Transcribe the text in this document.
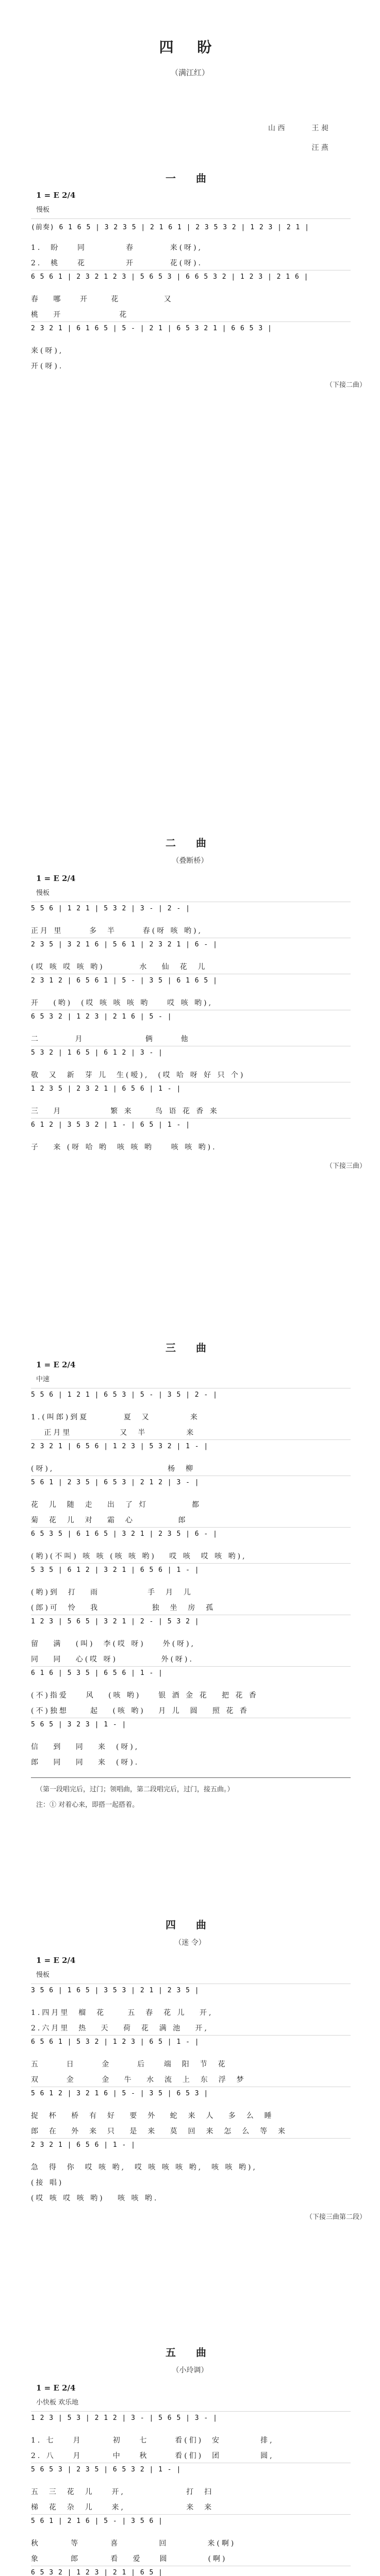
四 盼
（满江红）
山 西	王 昶
汪 燕
一 曲
1 = E 2/4
慢板
(前奏) 6 1 6 5 | 3 2 3 5 | 2 1 6 1 | 2 3 5 3 2 | 1 2 3 | 2 1 |
1.  盼    同         春        来(呀),
2.  桃    花         开        花(呀).
6 5 6 1 | 2 3 2 1 2 3 | 5 6 5 3 | 6 6 5 3 2 | 1 2 3 | 2 1 6 |
春   哪    开     花          又
桃   开             花
2 3 2 1 | 6 1 6 5 | 5 - | 2 1 | 6 5 3 2 1 | 6 6 5 3 |
来(呀),
开(呀).
（下接二曲）
二 曲
（叠断桥）
1 = E 2/4
慢板
5 5 6 | 1 2 1 | 5 3 2 | 3 - | 2 - |
正月 里      多  半      春(呀 咳 哟),
2 3 5 | 3 2 1 6 | 5 6 1 | 2 3 2 1 | 6 - |
(哎 咳 哎 咳 哟)        水   仙  花  儿
2 3 1 2 | 6 5 6 1 | 5 - | 3 5 | 6 1 6 5 |
开   (哟)  (哎 咳 咳 咳 哟    哎 咳 哟),
6 5 3 2 | 1 2 3 | 2 1 6 | 5 - |
二        月              俩      他
5 3 2 | 1 6 5 | 6 1 2 | 3 - |
敬  又  新  芽 儿  生(嗳),  (哎 哈 呀 好 只 个)
1 2 3 5 | 2 3 2 1 | 6 5 6 | 1 - |
三   月           繁 来     鸟 语 花 香 来
6 1 2 | 3 5 3 2 | 1 - | 6 5 | 1 - |
子   来 (呀 哈 哟  咳 咳 哟    咳 咳 哟).
（下接三曲）
三 曲
1 = E 2/4
中速
5 5 6 | 1 2 1 | 6 5 3 | 5 - | 3 5 | 2 - |
1.(叫郎)到夏        夏  又         来
正月里           又  半         来
2 3 2 1 | 6 5 6 | 1 2 3 | 5 3 2 | 1 - |
(呀),                          杨  柳
5 6 1 | 2 3 5 | 6 5 3 | 2 1 2 | 3 - |
花  儿  随  走   出  了 灯          都
菊  花  儿  对   霜  心          郎
6 5 3 5 | 6 1 6 5 | 3 2 1 | 2 3 5 | 6 - |
(哟)(不叫) 咳 咳 (咳 咳 哟)   哎 咳  哎 咳 哟),
5 3 5 | 6 1 2 | 3 2 1 | 6 5 6 | 1 - |
(哟)到  打   雨           手  月  儿
(郎)可  怜   我            独  坐  房  孤
1 2 3 | 5 6 5 | 3 2 1 | 2 - | 5 3 2 |
留   满   (叫)  李(哎 呀)    外(呀),
同   同   心(哎 呀)          外(呀).
6 1 6 | 5 3 5 | 6 5 6 | 1 - |
(不)指爱    风   (咳 哟)    银 酒 金 花   把 花 香
(不)独想     起   (咳 哟)   月 儿  圆   照 花 香
5 6 5 | 3 2 3 | 1 - |
信   到   同   来  (呀),
郎   同   同   来  (呀).
（第一段唱完后，过门；领唱曲，第二段唱完后，过门，接五曲。）
注：① 对着心来，即搭一起搭着。
四 曲
（迷 令）
1 = E 2/4
慢板
3 5 6 | 1 6 5 | 3 5 3 | 2 1 | 2 3 5 |
1.四月里  榴  花     五  春  花 儿   开,
2.六月里  热   天   荷  花  满 池   开,
6 5 6 1 | 5 3 2 | 1 2 3 | 6 5 | 1 - |
五      日      金      后    端  阳  节  花
双      金      金   牛   水  流  上  东  浮  梦
5 6 1 2 | 3 2 1 6 | 5 - | 3 5 | 6 5 3 |
捉  杯   桥  有  好   要  外   蛇  来  人   多  么  睡
郎  在   外  来  只   是  来   莫  回  来  怎  么  等  来
2 3 2 1 | 6 5 6 | 1 - |
急  得  你  哎 咳 哟,  哎 咳 咳 咳 哟,  咳 咳 哟),
(接 唱)
(哎 咳 哎 咳 哟)   咳 咳 哟.
（下接三曲第二段）
五 曲
（小玲调）
1 = E 2/4
小快板 欢乐地
1 2 3 | 5 3 | 2 1 2 | 3 - | 5 6 5 | 3 - |
1. 七    月       初    七      看(们)  安         排,
2. 八    月       中    秋      看(们)  团         圆,
5 6 5 3 | 2 3 5 | 6 5 3 2 | 1 - |
五  三  花  儿    开,              打  扫
梯  花  杂  儿    来,              来  来
5 6 1 | 2 1 6 | 5 - | 3 5 6 |
秋       等       喜         回         来(啊)
象       郎       看   爱    圆         (啊)
6 5 3 2 | 1 2 3 | 2 1 | 6 5 |
